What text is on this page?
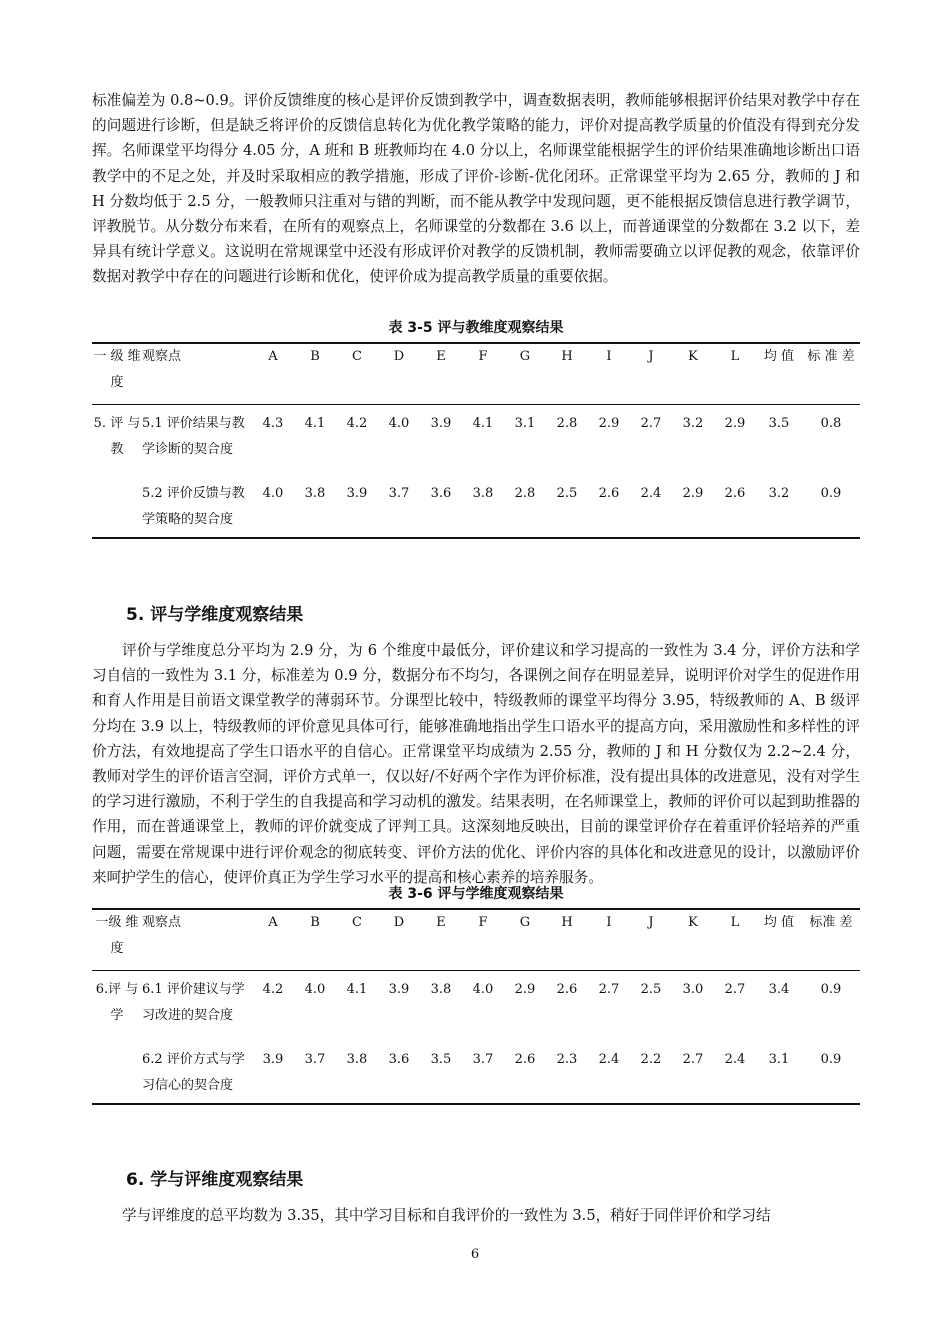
标准偏差为 0.8~0.9。评价反馈维度的核心是评价反馈到教学中，调查数据表明，教师能够根据评价结果对教学中存在的问题进行诊断，但是缺乏将评价的反馈信息转化为优化教学策略的能力，评价对提高教学质量的价值没有得到充分发挥。名师课堂平均得分 4.05 分，A 班和 B 班教师均在 4.0 分以上，名师课堂能根据学生的评价结果准确地诊断出口语教学中的不足之处，并及时采取相应的教学措施，形成了评价-诊断-优化闭环。正常课堂平均为 2.65 分，教师的 J 和 H 分数均低于 2.5 分，一般教师只注重对与错的判断，而不能从教学中发现问题，更不能根据反馈信息进行教学调节，评教脱节。从分数分布来看，在所有的观察点上，名师课堂的分数都在 3.6 以上，而普通课堂的分数都在 3.2 以下，差异具有统计学意义。这说明在常规课堂中还没有形成评价对教学的反馈机制，教师需要确立以评促教的观念，依靠评价数据对教学中存在的问题进行诊断和优化，使评价成为提高教学质量的重要依据。

表 3-5 评与教维度观察结果

一 级 维度	观察点	A	B	C	D	E	F	G	H	I	J	K	L	均 值	标 准 差
5. 评 与教	5.1 评价结果与教学诊断的契合度	4.3	4.1	4.2	4.0	3.9	4.1	3.1	2.8	2.9	2.7	3.2	2.9	3.5	0.8
	5.2 评价反馈与教学策略的契合度	4.0	3.8	3.9	3.7	3.6	3.8	2.8	2.5	2.6	2.4	2.9	2.6	3.2	0.9

5. 评与学维度观察结果

评价与学维度总分平均为 2.9 分，为 6 个维度中最低分，评价建议和学习提高的一致性为 3.4 分，评价方法和学习自信的一致性为 3.1 分，标准差为 0.9 分，数据分布不均匀，各课例之间存在明显差异，说明评价对学生的促进作用和育人作用是目前语文课堂教学的薄弱环节。分课型比较中，特级教师的课堂平均得分 3.95，特级教师的 A、B 级评分均在 3.9 以上，特级教师的评价意见具体可行，能够准确地指出学生口语水平的提高方向，采用激励性和多样性的评价方法，有效地提高了学生口语水平的自信心。正常课堂平均成绩为 2.55 分，教师的 J 和 H 分数仅为 2.2~2.4 分，教师对学生的评价语言空洞，评价方式单一，仅以好/不好两个字作为评价标准，没有提出具体的改进意见，没有对学生的学习进行激励，不利于学生的自我提高和学习动机的激发。结果表明，在名师课堂上，教师的评价可以起到助推器的作用，而在普通课堂上，教师的评价就变成了评判工具。这深刻地反映出，目前的课堂评价存在着重评价轻培养的严重问题，需要在常规课中进行评价观念的彻底转变、评价方法的优化、评价内容的具体化和改进意见的设计，以激励评价来呵护学生的信心，使评价真正为学生学习水平的提高和核心素养的培养服务。

表 3-6 评与学维度观察结果

一级 维度	观察点	A	B	C	D	E	F	G	H	I	J	K	L	均 值	标准 差
6.评 与学	6.1 评价建议与学习改进的契合度	4.2	4.0	4.1	3.9	3.8	4.0	2.9	2.6	2.7	2.5	3.0	2.7	3.4	0.9
	6.2 评价方式与学习信心的契合度	3.9	3.7	3.8	3.6	3.5	3.7	2.6	2.3	2.4	2.2	2.7	2.4	3.1	0.9

6. 学与评维度观察结果

学与评维度的总平均数为 3.35，其中学习目标和自我评价的一致性为 3.5，稍好于同伴评价和学习结

6
